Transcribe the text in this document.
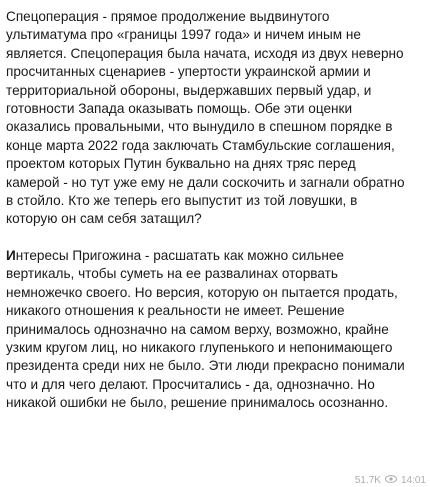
Спецоперация - прямое продолжение выдвинутого
ультиматума про «границы 1997 года» и ничем иным не
является. Спецоперация была начата, исходя из двух неверно
просчитанных сценариев - упертости украинской армии и
территориальной обороны, выдержавших первый удар, и
готовности Запада оказывать помощь. Обе эти оценки
оказались провальными, что вынудило в спешном порядке в
конце марта 2022 года заключать Стамбульские соглашения,
проектом которых Путин буквально на днях тряс перед
камерой - но тут уже ему не дали соскочить и загнали обратно
в стойло. Кто же теперь его выпустит из той ловушки, в
которую он сам себя затащил?

Интересы Пригожина - расшатать как можно сильнее
вертикаль, чтобы суметь на ее развалинах оторвать
немножечко своего. Но версия, которую он пытается продать,
никакого отношения к реальности не имеет. Решение
принималось однозначно на самом верху, возможно, крайне
узким кругом лиц, но никакого глупенького и непонимающего
президента среди них не было. Эти люди прекрасно понимали
что и для чего делают. Просчитались - да, однозначно. Но
никакой ошибки не было, решение принималось осознанно.

51.7K 14:01
